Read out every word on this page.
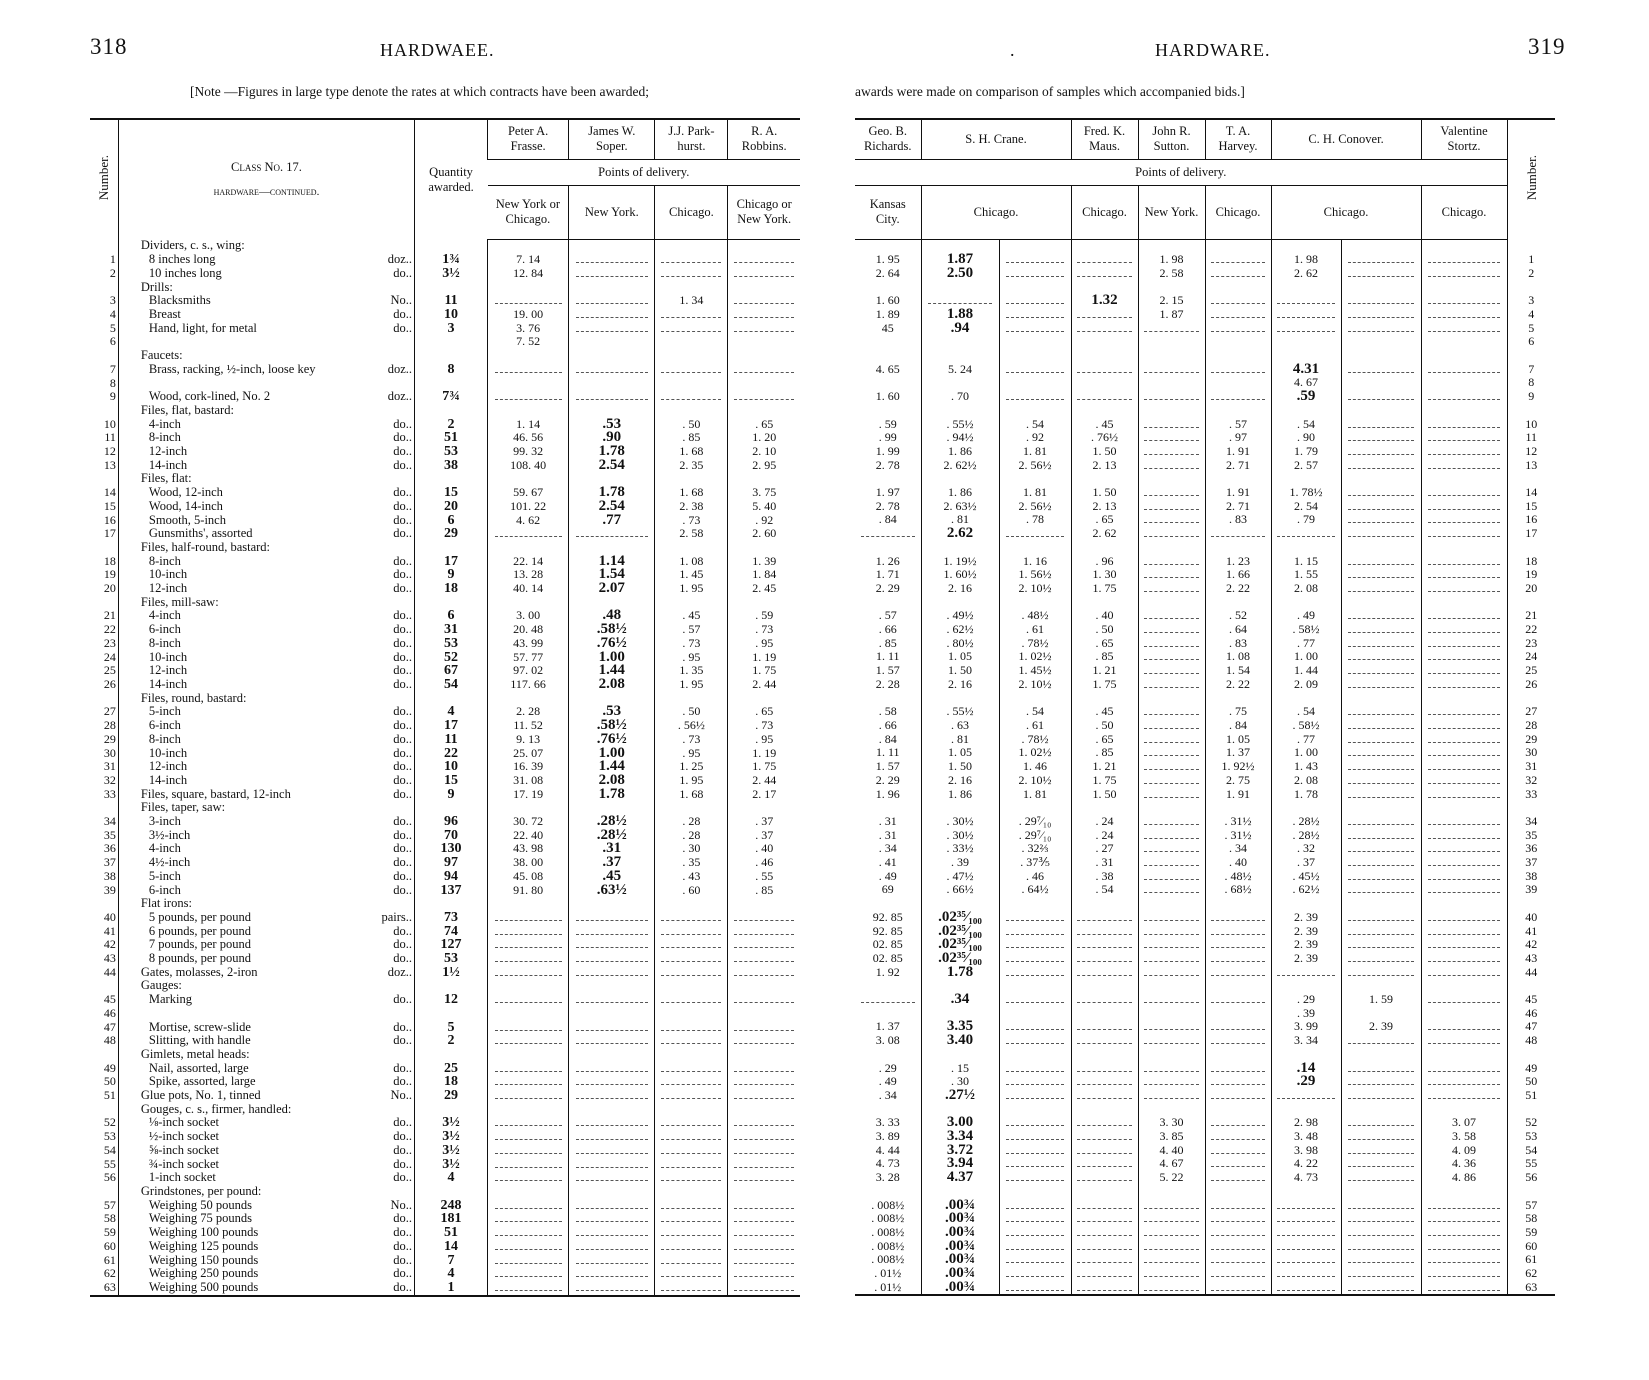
318	HARDWAEE.	.	HARDWARE.	319
[Note —Figures in large type denote the rates at which contracts have been awarded;	awards were made on comparison of samples which accompanied bids.]
Number.	Class No. 17.
hardware—continued.	Quantity awarded.	Peter A. Frasse.	James W. Soper.	J.J. Park-hurst.	R. A. Robbins.
			Points of delivery.			
			New York or Chicago.	New York.	Chicago.	Chicago or New York.
	Dividers, c. s., wing:					
1	8 inches long doz..	1¾	7. 14			
2	10 inches long do..	3½	12. 84			
	Drills:					
3	Blacksmiths No..	11			1. 34	
4	Breast do..	10	19. 00			
5	Hand, light, for metal do..	3	3. 76			
6			7. 52			
	Faucets:					
7	Brass, racking, ½-inch, loose key doz..	8				
8						
9	Wood, cork-lined, No. 2 doz..	7¾				
	Files, flat, bastard:					
10	4-inch do..	2	1. 14	.53	. 50	. 65
11	8-inch do..	51	46. 56	.90	. 85	1. 20
12	12-inch do..	53	99. 32	1.78	1. 68	2. 10
13	14-inch do..	38	108. 40	2.54	2. 35	2. 95
	Files, flat:					
14	Wood, 12-inch do..	15	59. 67	1.78	1. 68	3. 75
15	Wood, 14-inch do..	20	101. 22	2.54	2. 38	5. 40
16	Smooth, 5-inch do..	6	4. 62	.77	. 73	. 92
17	Gunsmiths', assorted do..	29			2. 58	2. 60
	Files, half-round, bastard:					
18	8-inch do..	17	22. 14	1.14	1. 08	1. 39
19	10-inch do..	9	13. 28	1.54	1. 45	1. 84
20	12-inch do..	18	40. 14	2.07	1. 95	2. 45
	Files, mill-saw:					
21	4-inch do..	6	3. 00	.48	. 45	. 59
22	6-inch do..	31	20. 48	.58½	. 57	. 73
23	8-inch do..	53	43. 99	.76½	. 73	. 95
24	10-inch do..	52	57. 77	1.00	. 95	1. 19
25	12-inch do..	67	97. 02	1.44	1. 35	1. 75
26	14-inch do..	54	117. 66	2.08	1. 95	2. 44
	Files, round, bastard:					
27	5-inch do..	4	2. 28	.53	. 50	. 65
28	6-inch do..	17	11. 52	.58½	. 56½	. 73
29	8-inch do..	11	9. 13	.76½	. 73	. 95
30	10-inch do..	22	25. 07	1.00	. 95	1. 19
31	12-inch do..	10	16. 39	1.44	1. 25	1. 75
32	14-inch do..	15	31. 08	2.08	1. 95	2. 44
33	Files, square, bastard, 12-inch do..	9	17. 19	1.78	1. 68	2. 17
	Files, taper, saw:					
34	3-inch do..	96	30. 72	.28½	. 28	. 37
35	3½-inch do..	70	22. 40	.28½	. 28	. 37
36	4-inch do..	130	43. 98	.31	. 30	. 40
37	4½-inch do..	97	38. 00	.37	. 35	. 46
38	5-inch do..	94	45. 08	.45	. 43	. 55
39	6-inch do..	137	91. 80	.63½	. 60	. 85
	Flat irons:					
40	5 pounds, per pound pairs..	73				
41	6 pounds, per pound do..	74				
42	7 pounds, per pound do..	127				
43	8 pounds, per pound do..	53				
44	Gates, molasses, 2-iron doz..	1½				
	Gauges:					
45	Marking do..	12				
46						
47	Mortise, screw-slide do..	5				
48	Slitting, with handle do..	2				
	Gimlets, metal heads:					
49	Nail, assorted, large do..	25				
50	Spike, assorted, large do..	18				
51	Glue pots, No. 1, tinned No..	29				
	Gouges, c. s., firmer, handled:					
52	⅛-inch socket do..	3½				
53	½-inch socket do..	3½				
54	⅝-inch socket do..	3½				
55	¾-inch socket do..	3½				
56	1-inch socket do..	4				
	Grindstones, per pound:					
57	Weighing 50 pounds No..	248				
58	Weighing 75 pounds do..	181				
59	Weighing 100 pounds do..	51				
60	Weighing 125 pounds do..	14				
61	Weighing 150 pounds do..	7				
62	Weighing 250 pounds do..	4				
63	Weighing 500 pounds do..	1				
Geo. B. Richards.	S. H. Crane.		Fred. K. Maus.	John R. Sutton.	T. A. Harvey.	C. H. Conover.		Valentine Stortz.	Number.
Points of delivery.									
Kansas City.	Chicago.		Chicago.	New York.	Chicago.	Chicago.		Chicago.	

1. 95	1.87			1. 98		1. 98			1
2. 64	2.50			2. 58		2. 62			2

1. 60			1.32	2. 15					3
1. 89	1.88			1. 87					4
45	.94								5
									6

4. 65	5. 24					4.31			7
						4. 67			8
1. 60	. 70					.59			9

. 59	. 55½	. 54	. 45		. 57	. 54			10
. 99	. 94½	. 92	. 76½		. 97	. 90			11
1. 99	1. 86	1. 81	1. 50		1. 91	1. 79			12
2. 78	2. 62½	2. 56½	2. 13		2. 71	2. 57			13

1. 97	1. 86	1. 81	1. 50		1. 91	1. 78½			14
2. 78	2. 63½	2. 56½	2. 13		2. 71	2. 54			15
. 84	. 81	. 78	. 65		. 83	. 79			16
	2.62		2. 62						17

1. 26	1. 19½	1. 16	. 96		1. 23	1. 15			18
1. 71	1. 60½	1. 56½	1. 30		1. 66	1. 55			19
2. 29	2. 16	2. 10½	1. 75		2. 22	2. 08			20

. 57	. 49½	. 48½	. 40		. 52	. 49			21
. 66	. 62½	. 61	. 50		. 64	. 58½			22
. 85	. 80½	. 78½	. 65		. 83	. 77			23
1. 11	1. 05	1. 02½	. 85		1. 08	1. 00			24
1. 57	1. 50	1. 45½	1. 21		1. 54	1. 44			25
2. 28	2. 16	2. 10½	1. 75		2. 22	2. 09			26

. 58	. 55½	. 54	. 45		. 75	. 54			27
. 66	. 63	. 61	. 50		. 84	. 58½			28
. 84	. 81	. 78½	. 65		1. 05	. 77			29
1. 11	1. 05	1. 02½	. 85		1. 37	1. 00			30
1. 57	1. 50	1. 46	1. 21		1. 92½	1. 43			31
2. 29	2. 16	2. 10½	1. 75		2. 75	2. 08			32
1. 96	1. 86	1. 81	1. 50		1. 91	1. 78			33

. 31	. 30½	. 29⁷⁄₁₀	. 24		. 31½	. 28½			34
. 31	. 30½	. 29⁷⁄₁₀	. 24		. 31½	. 28½			35
. 34	. 33½	. 32⅔	. 27		. 34	. 32			36
. 41	. 39	. 37⅗	. 31		. 40	. 37			37
. 49	. 47½	. 46	. 38		. 48½	. 45½			38
69	. 66½	. 64½	. 54		. 68½	. 62½			39

92. 85	.02³⁵⁄₁₀₀					2. 39			40
92. 85	.02³⁵⁄₁₀₀					2. 39			41
02. 85	.02³⁵⁄₁₀₀					2. 39			42
02. 85	.02³⁵⁄₁₀₀					2. 39			43
1. 92	1.78								44

	.34					. 29	1. 59		45
						. 39			46
1. 37	3.35					3. 99	2. 39		47
3. 08	3.40					3. 34			48

. 29	. 15					.14			49
. 49	. 30					.29			50
. 34	.27½								51

3. 33	3.00			3. 30		2. 98		3. 07	52
3. 89	3.34			3. 85		3. 48		3. 58	53
4. 44	3.72			4. 40		3. 98		4. 09	54
4. 73	3.94			4. 67		4. 22		4. 36	55
3. 28	4.37			5. 22		4. 73		4. 86	56

. 008½	.00¾								57
. 008½	.00¾								58
. 008½	.00¾								59
. 008½	.00¾								60
. 008½	.00¾								61
. 01½	.00¾								62
. 01½	.00¾								63
